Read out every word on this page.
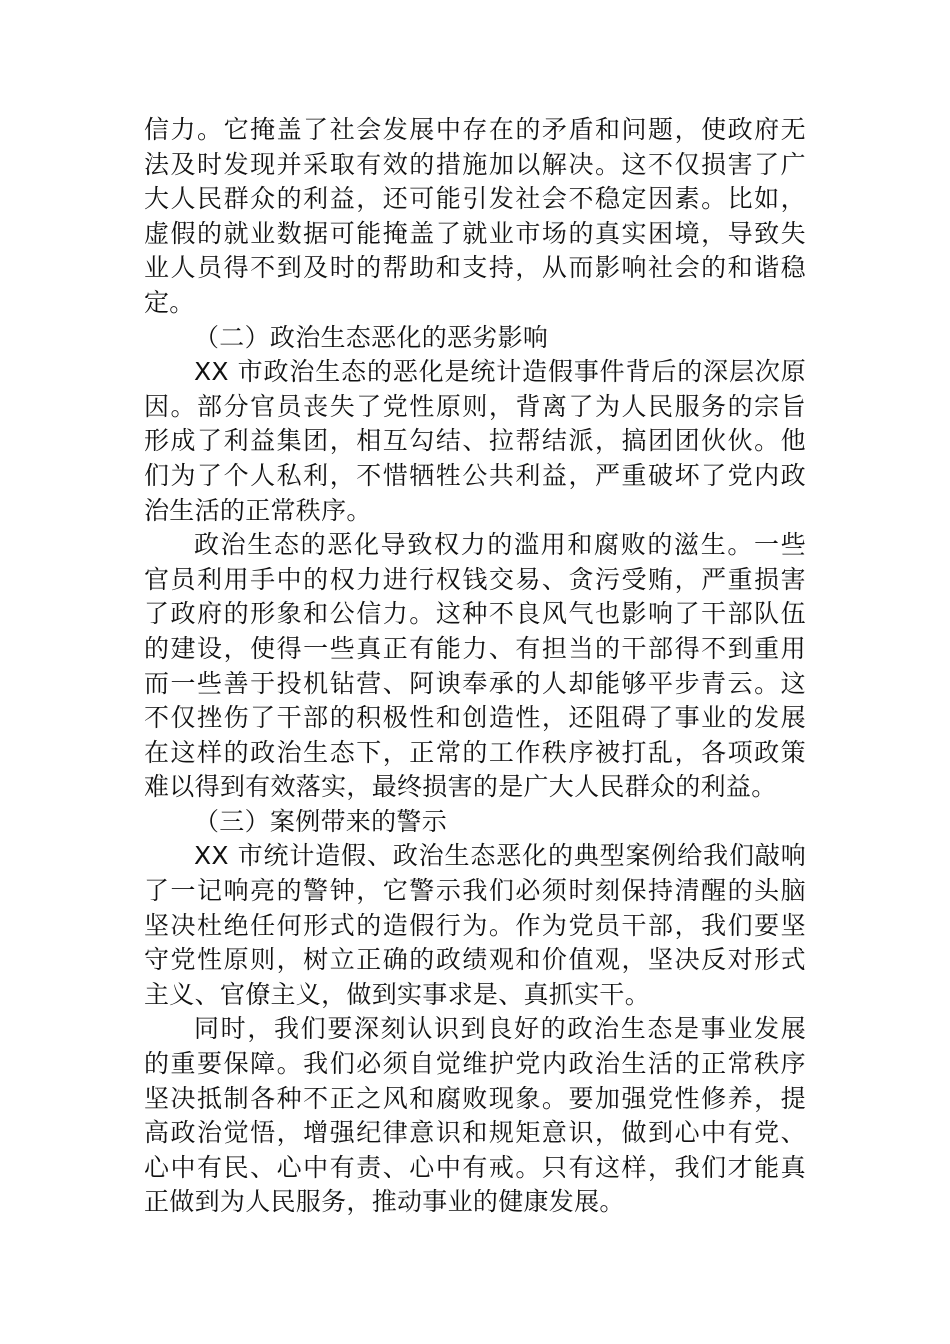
信力。它掩盖了社会发展中存在的矛盾和问题，使政府无
法及时发现并采取有效的措施加以解决。这不仅损害了广
大人民群众的利益，还可能引发社会不稳定因素。比如，
虚假的就业数据可能掩盖了就业市场的真实困境，导致失
业人员得不到及时的帮助和支持，从而影响社会的和谐稳
定。
（二）政治生态恶化的恶劣影响
XX 市政治生态的恶化是统计造假事件背后的深层次原
因。部分官员丧失了党性原则，背离了为人民服务的宗旨
形成了利益集团，相互勾结、拉帮结派，搞团团伙伙。他
们为了个人私利，不惜牺牲公共利益，严重破坏了党内政
治生活的正常秩序。
政治生态的恶化导致权力的滥用和腐败的滋生。一些
官员利用手中的权力进行权钱交易、贪污受贿，严重损害
了政府的形象和公信力。这种不良风气也影响了干部队伍
的建设，使得一些真正有能力、有担当的干部得不到重用
而一些善于投机钻营、阿谀奉承的人却能够平步青云。这
不仅挫伤了干部的积极性和创造性，还阻碍了事业的发展
在这样的政治生态下，正常的工作秩序被打乱，各项政策
难以得到有效落实，最终损害的是广大人民群众的利益。
（三）案例带来的警示
XX 市统计造假、政治生态恶化的典型案例给我们敲响
了一记响亮的警钟，它警示我们必须时刻保持清醒的头脑
坚决杜绝任何形式的造假行为。作为党员干部，我们要坚
守党性原则，树立正确的政绩观和价值观，坚决反对形式
主义、官僚主义，做到实事求是、真抓实干。
同时，我们要深刻认识到良好的政治生态是事业发展
的重要保障。我们必须自觉维护党内政治生活的正常秩序
坚决抵制各种不正之风和腐败现象。要加强党性修养，提
高政治觉悟，增强纪律意识和规矩意识，做到心中有党、
心中有民、心中有责、心中有戒。只有这样，我们才能真
正做到为人民服务，推动事业的健康发展。
